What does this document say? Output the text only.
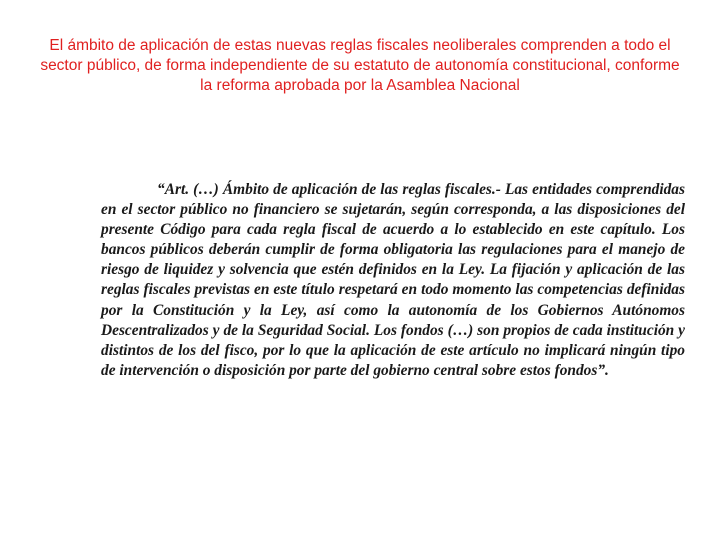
El ámbito de aplicación de estas nuevas reglas fiscales neoliberales comprenden a todo el sector público, de forma independiente de su estatuto de autonomía constitucional, conforme la reforma aprobada por la Asamblea Nacional

“Art. (…) Ámbito de aplicación de las reglas fiscales.- Las entidades comprendidas en el sector público no financiero se sujetarán, según corresponda, a las disposiciones del presente Código para cada regla fiscal de acuerdo a lo establecido en este capítulo. Los bancos públicos deberán cumplir de forma obligatoria las regulaciones para el manejo de riesgo de liquidez y solvencia que estén definidos en la Ley. La fijación y aplicación de las reglas fiscales previstas en este título respetará en todo momento las competencias definidas por la Constitución y la Ley, así como la autonomía de los Gobiernos Autónomos Descentralizados y de la Seguridad Social. Los fondos (…) son propios de cada institución y distintos de los del fisco, por lo que la aplicación de este artículo no implicará ningún tipo de intervención o disposición por parte del gobierno central sobre estos fondos”.
